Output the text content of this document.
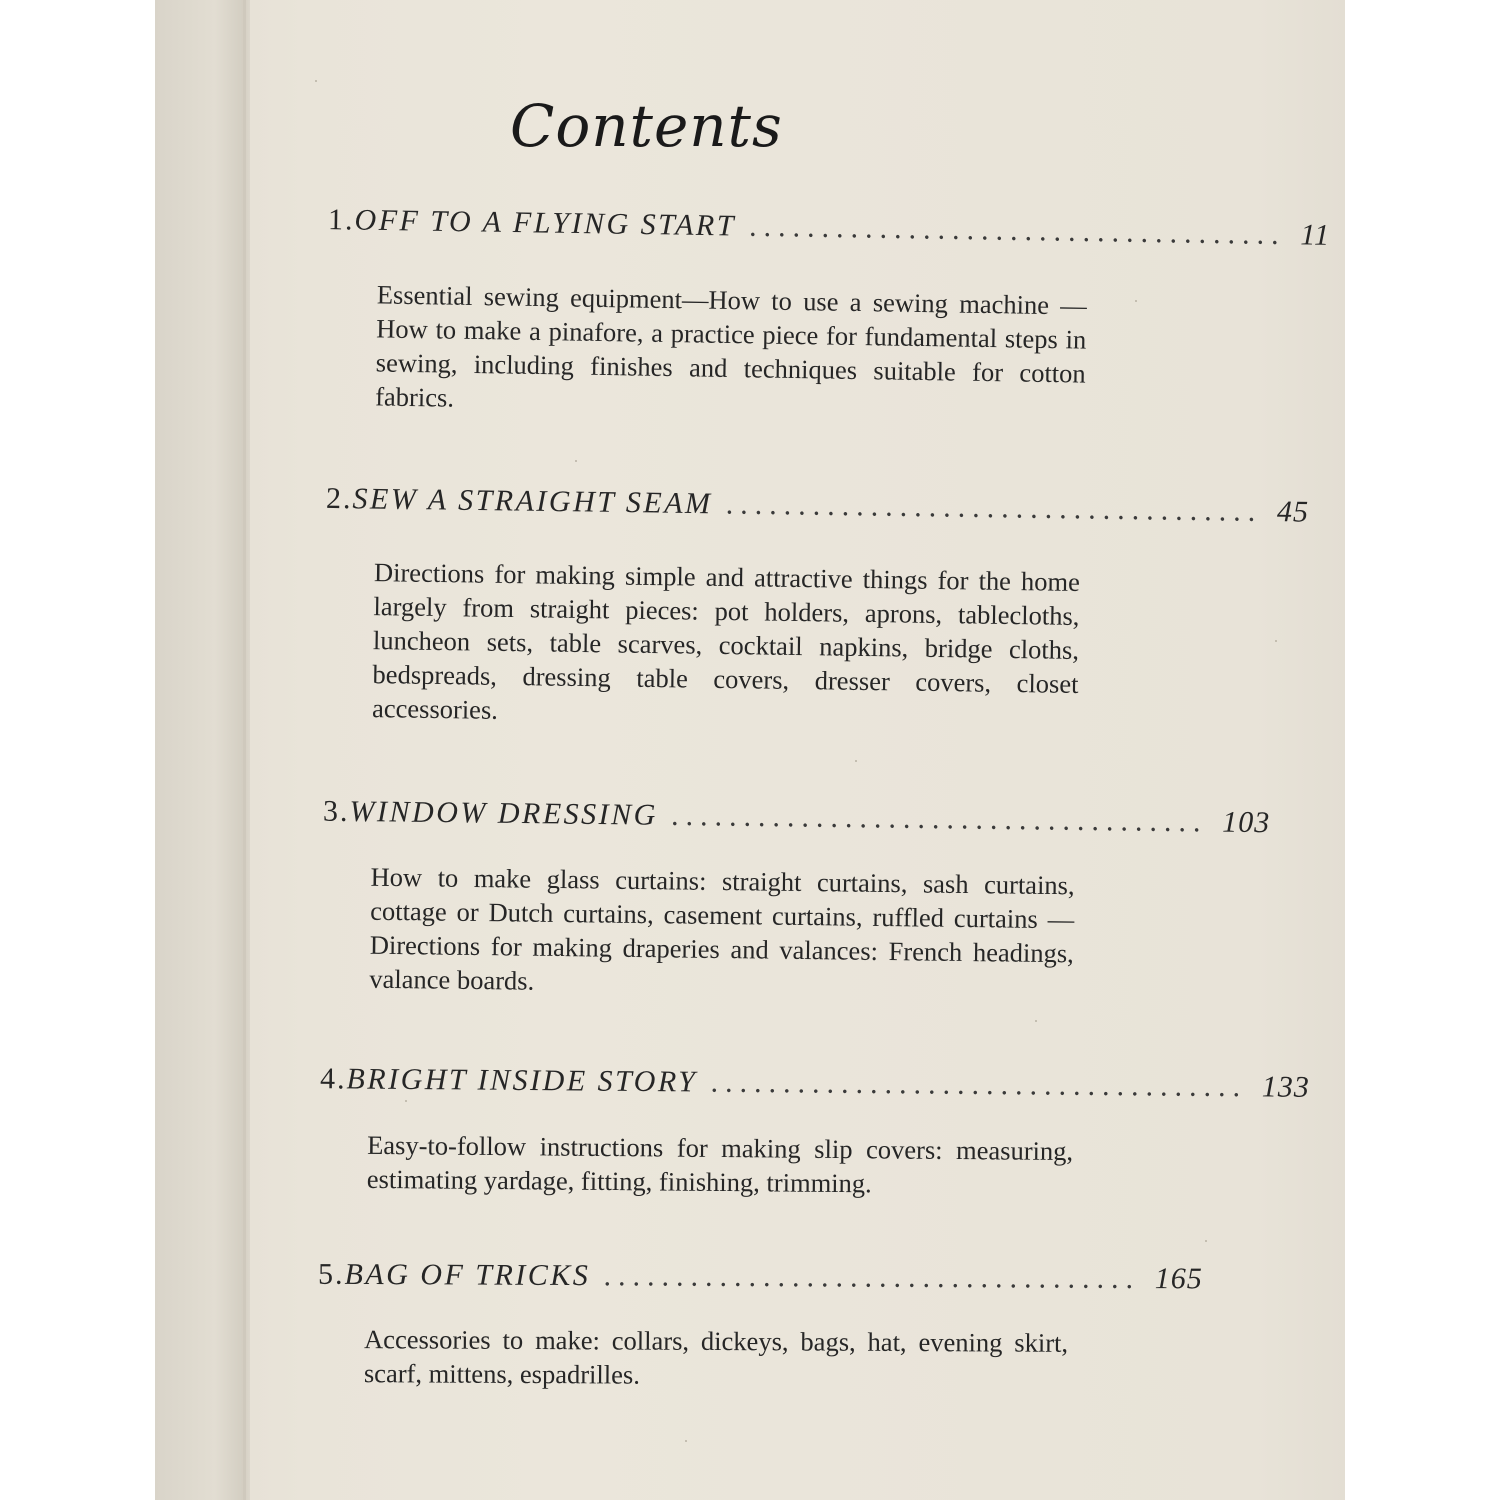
Contents
1. OFF TO A FLYING START ..................................... 11
Essential sewing equipment—How to use a sewing machine —How to make a pinafore, a practice piece for fundamental steps in sewing, including finishes and techniques suitable for cotton fabrics.
2. SEW A STRAIGHT SEAM ..................................... 45
Directions for making simple and attractive things for the home largely from straight pieces: pot holders, aprons, tablecloths, luncheon sets, table scarves, cocktail napkins, bridge cloths, bedspreads, dressing table covers, dresser covers, closet accessories.
3. WINDOW DRESSING ..................................... 103
How to make glass curtains: straight curtains, sash curtains, cottage or Dutch curtains, casement curtains, ruffled curtains — Directions for making draperies and valances: French headings, valance boards.
4. BRIGHT INSIDE STORY ..................................... 133
Easy-to-follow instructions for making slip covers: measuring, estimating yardage, fitting, finishing, trimming.
5. BAG OF TRICKS ..................................... 165
Accessories to make: collars, dickeys, bags, hat, evening skirt, scarf, mittens, espadrilles.
